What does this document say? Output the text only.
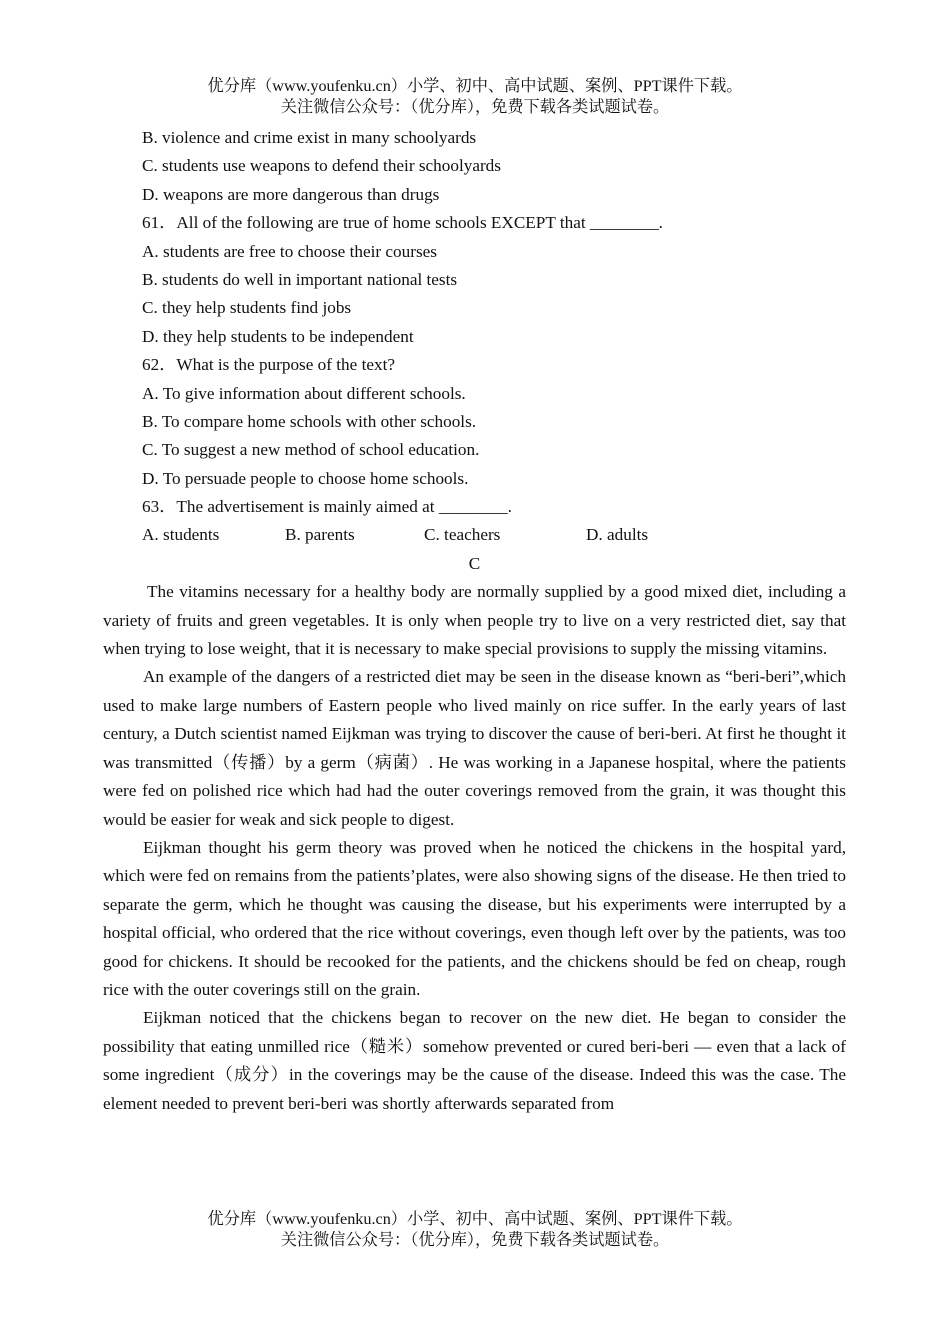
优分库（www.youfenku.cn）小学、初中、高中试题、案例、PPT课件下载。
关注微信公众号：（优分库），免费下载各类试题试卷。
B. violence and crime exist in many schoolyards
C. students use weapons to defend their schoolyards
D. weapons are more dangerous than drugs
61．All of the following are true of home schools EXCEPT that ________.
A. students are free to choose their courses
B. students do well in important national tests
C. they help students find jobs
D. they help students to be independent
62．What is the purpose of the text?
A. To give information about different schools.
B. To compare home schools with other schools.
C. To suggest a new method of school education.
D. To persuade people to choose home schools.
63．The advertisement is mainly aimed at ________.
A. students	B. parents	C. teachers	D. adults
C

The vitamins necessary for a healthy body are normally supplied by a good mixed diet, including a variety of fruits and green vegetables. It is only when people try to live on a very restricted diet, say that when trying to lose weight, that it is necessary to make special provisions to supply the missing vitamins.

An example of the dangers of a restricted diet may be seen in the disease known as “beri-beri”,which used to make large numbers of Eastern people who lived mainly on rice suffer. In the early years of last century, a Dutch scientist named Eijkman was trying to discover the cause of beri-beri. At first he thought it was transmitted（传播）by a germ（病菌）. He was working in a Japanese hospital, where the patients were fed on polished rice which had had the outer coverings removed from the grain, it was thought this would be easier for weak and sick people to digest.

Eijkman thought his germ theory was proved when he noticed the chickens in the hospital yard, which were fed on remains from the patients’plates, were also showing signs of the disease. He then tried to separate the germ, which he thought was causing the disease, but his experiments were interrupted by a hospital official, who ordered that the rice without coverings, even though left over by the patients, was too good for chickens. It should be recooked for the patients, and the chickens should be fed on cheap, rough rice with the outer coverings still on the grain.

Eijkman noticed that the chickens began to recover on the new diet. He began to consider the possibility that eating unmilled rice（糙米）somehow prevented or cured beri-beri — even that a lack of some ingredient（成分）in the coverings may be the cause of the disease. Indeed this was the case. The element needed to prevent beri-beri was shortly afterwards separated from

优分库（www.youfenku.cn）小学、初中、高中试题、案例、PPT课件下载。
关注微信公众号：（优分库），免费下载各类试题试卷。
